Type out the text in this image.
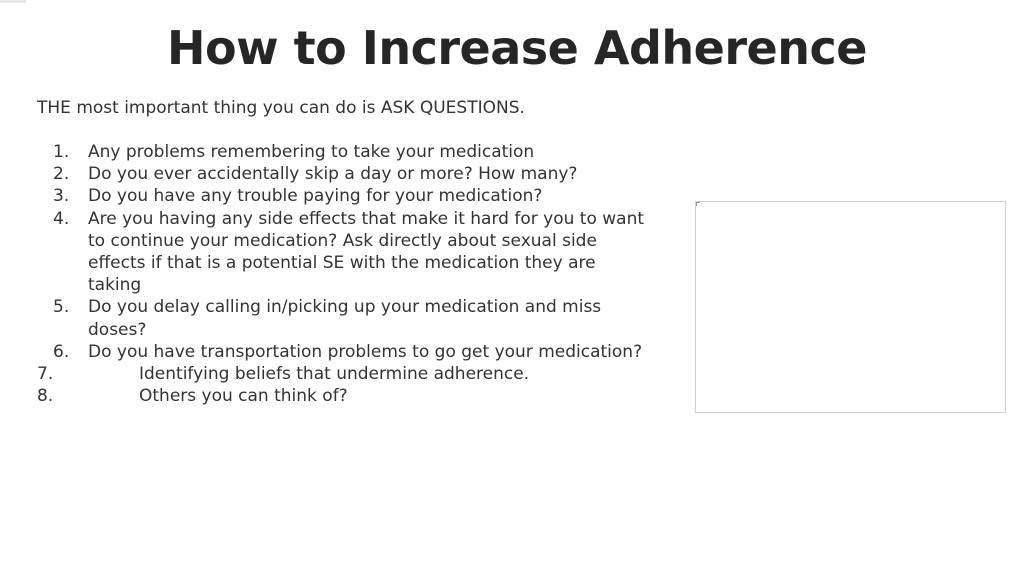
How to Increase Adherence
THE most important thing you can do is ASK QUESTIONS.
1. Any problems remembering to take your medication
2. Do you ever accidentally skip a day or more? How many?
3. Do you have any trouble paying for your medication?
4. Are you having any side effects that make it hard for you to want to continue your medication? Ask directly about sexual side effects if that is a potential SE with the medication they are taking
5. Do you delay calling in/picking up your medication and miss doses?
6. Do you have transportation problems to go get your medication?
7.	Identifying beliefs that undermine adherence.
8.	Others you can think of?
